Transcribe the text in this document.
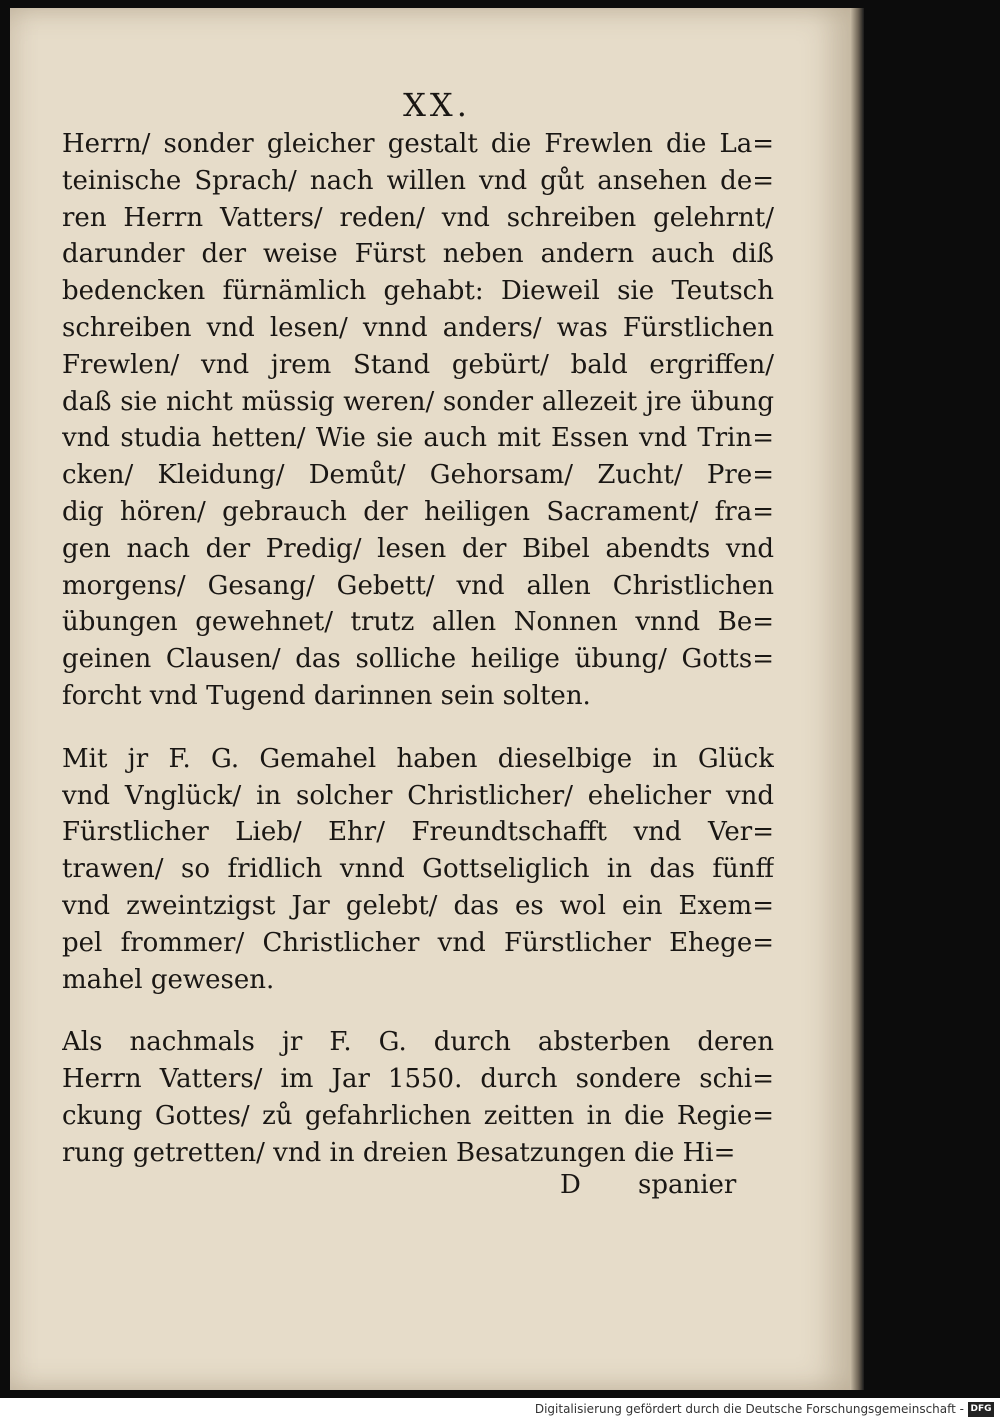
XX.
Herrn/ sonder gleicher gestalt die Frewlen die La=
teinische Sprach/ nach willen vnd gůt ansehen de=
ren Herrn Vatters/ reden/ vnd schreiben gelehrnt/
darunder der weise Fürst neben andern auch diß
bedencken fürnämlich gehabt: Dieweil sie Teutsch
schreiben vnd lesen/ vnnd anders/ was Fürstlichen
Frewlen/ vnd jrem Stand gebürt/ bald ergriffen/
daß sie nicht müssig weren/ sonder allezeit jre übung
vnd studia hetten/ Wie sie auch mit Essen vnd Trin=
cken/ Kleidung/ Demůt/ Gehorsam/ Zucht/ Pre=
dig hören/ gebrauch der heiligen Sacrament/ fra=
gen nach der Predig/ lesen der Bibel abendts vnd
morgens/ Gesang/ Gebett/ vnd allen Christlichen
übungen gewehnet/ trutz allen Nonnen vnnd Be=
geinen Clausen/ das solliche heilige übung/ Gotts=
forcht vnd Tugend darinnen sein solten.
Mit jr F. G. Gemahel haben dieselbige in Glück
vnd Vnglück/ in solcher Christlicher/ ehelicher vnd
Fürstlicher Lieb/ Ehr/ Freundtschafft vnd Ver=
trawen/ so fridlich vnnd Gottseliglich in das fünff
vnd zweintzigst Jar gelebt/ das es wol ein Exem=
pel frommer/ Christlicher vnd Fürstlicher Ehege=
mahel gewesen.
Als nachmals jr F. G. durch absterben deren
Herrn Vatters/ im Jar 1550. durch sondere schi=
ckung Gottes/ zů gefahrlichen zeitten in die Regie=
rung getretten/ vnd in dreien Besatzungen die Hi=
D spanier
Digitalisierung gefördert durch die Deutsche Forschungsgemeinschaft - DFG
